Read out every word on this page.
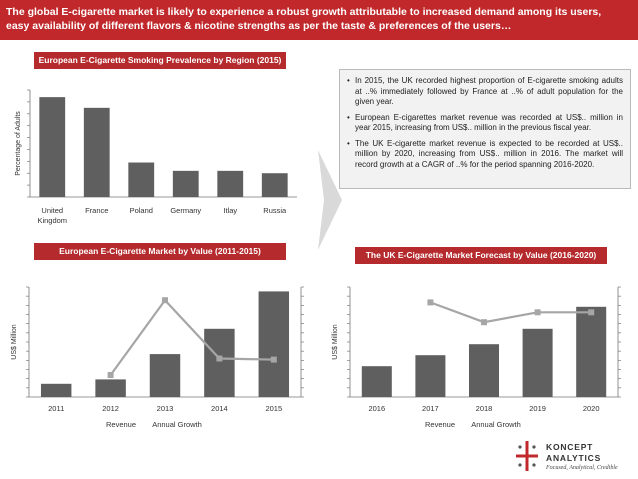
The global E-cigarette market is likely to experience a robust growth attributable to increased demand among its users,
easy availability of different flavors & nicotine strengths as per the taste & preferences of the users…
European E-Cigarette Smoking Prevalence by Region (2015)
Percentage of Adults
United
Kingdom
France	Poland Germany	Itlay	Russia
European E-Cigarette Market by Value (2011-2015)
US$ Million
2011	2012	2013	2014	2015
Revenue Annual Growth
• In 2015, the UK recorded highest proportion of E-cigarette smoking adults at ..% immediately followed by France at ..% of adult population for the given year.
• European E-cigarettes market revenue was recorded at US$.. million in year 2015, increasing from US$.. million in the previous fiscal year.
• The UK E-cigarette market revenue is expected to be recorded at US$.. million by 2020, increasing from US$.. million in 2016. The market will record growth at a CAGR of ..% for the period spanning 2016-2020.
The UK E-Cigarette Market Forecast by Value (2016-2020)
US$ Million
2016	2017	2018	2019	2020
Revenue Annual Growth
KONCEPT
ANALYTICS
Focused, Analytical, Credible
